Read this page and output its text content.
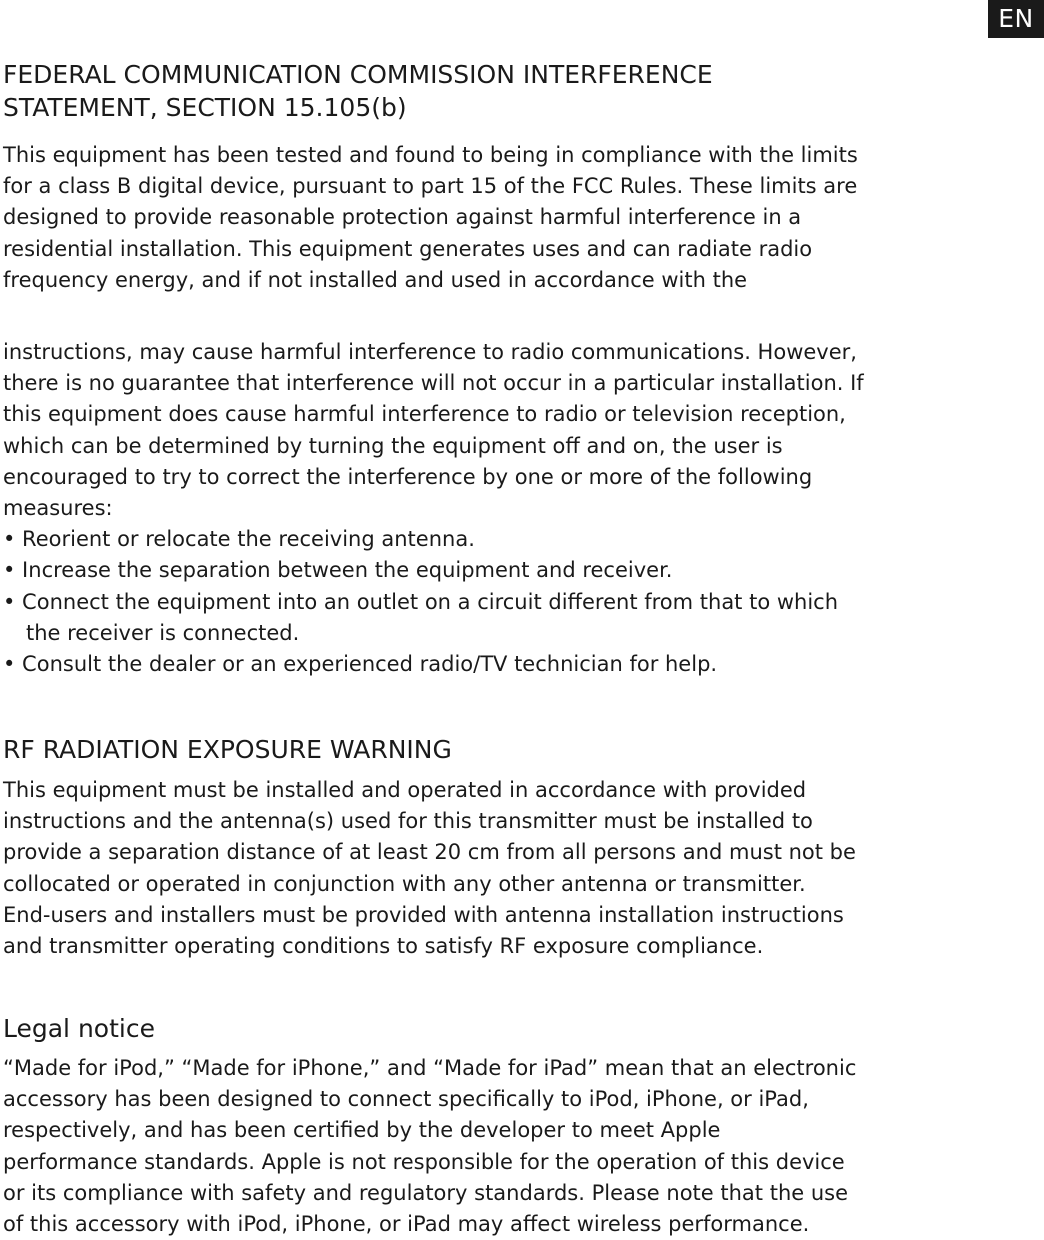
EN
FEDERAL COMMUNICATION COMMISSION INTERFERENCE
STATEMENT, SECTION 15.105(b)

This equipment has been tested and found to being in compliance with the limits
for a class B digital device, pursuant to part 15 of the FCC Rules. These limits are
designed to provide reasonable protection against harmful interference in a
residential installation. This equipment generates uses and can radiate radio
frequency energy, and if not installed and used in accordance with the

instructions, may cause harmful interference to radio communications. However,
there is no guarantee that interference will not occur in a particular installation. If
this equipment does cause harmful interference to radio or television reception,
which can be determined by turning the equipment off and on, the user is
encouraged to try to correct the interference by one or more of the following
measures:

• Reorient or relocate the receiving antenna.
• Increase the separation between the equipment and receiver.
• Connect the equipment into an outlet on a circuit different from that to which
the receiver is connected.
• Consult the dealer or an experienced radio/TV technician for help.
RF RADIATION EXPOSURE WARNING

This equipment must be installed and operated in accordance with provided
instructions and the antenna(s) used for this transmitter must be installed to
provide a separation distance of at least 20 cm from all persons and must not be
collocated or operated in conjunction with any other antenna or transmitter.
End-users and installers must be provided with antenna installation instructions
and transmitter operating conditions to satisfy RF exposure compliance.

Legal notice

“Made for iPod,” “Made for iPhone,” and “Made for iPad” mean that an electronic
accessory has been designed to connect specifically to iPod, iPhone, or iPad,
respectively, and has been certified by the developer to meet Apple
performance standards. Apple is not responsible for the operation of this device
or its compliance with safety and regulatory standards. Please note that the use
of this accessory with iPod, iPhone, or iPad may affect wireless performance.
